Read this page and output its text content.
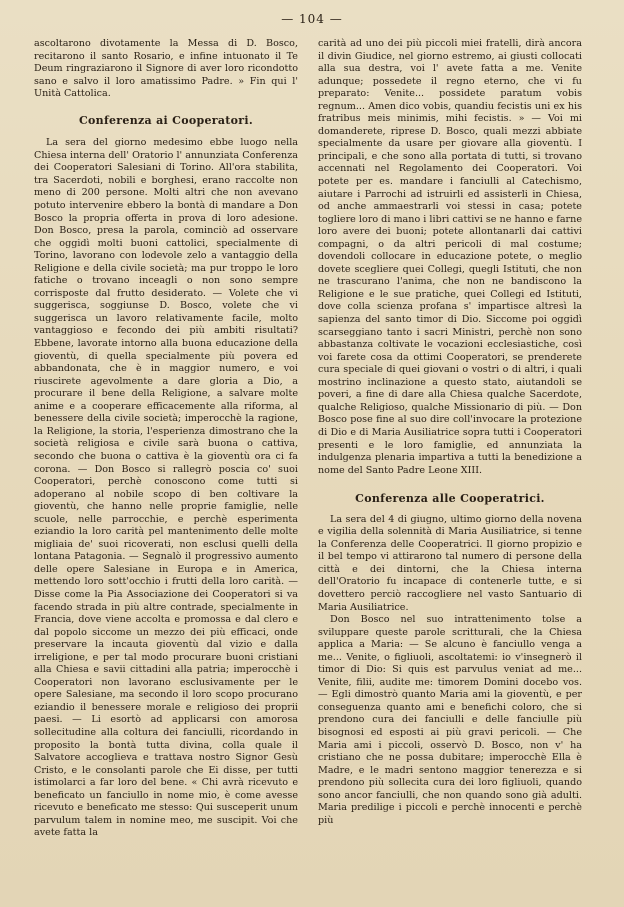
— 104 —

ascoltarono divotamente la Messa di D. Bosco, recitarono il santo Rosario, e infine intuonato il Te Deum ringraziarono il Signore di aver loro ricondotto sano e salvo il loro amatissimo Padre. » Fin qui l' Unità Cattolica.

Conferenza ai Cooperatori.

La sera del giorno medesimo ebbe luogo nella Chiesa interna dell' Oratorio l' annunziata Conferenza dei Cooperatori Salesiani di Torino. All'ora stabilita, tra Sacerdoti, nobili e borghesi, erano raccolte non meno di 200 persone. Molti altri che non avevano potuto intervenire ebbero la bontà di mandare a Don Bosco la propria offerta in prova di loro adesione. Don Bosco, presa la parola, cominciò ad osservare che oggidì molti buoni cattolici, specialmente di Torino, lavorano con lodevole zelo a vantaggio della Religione e della civile società; ma pur troppo le loro fatiche o trovano inceagli o non sono sempre corrisposte dal frutto desiderato. — Volete che vi suggerisca, soggiunse D. Bosco, volete che vi suggerisca un lavoro relativamente facile, molto vantaggioso e fecondo dei più ambiti risultati? Ebbene, lavorate intorno alla buona educazione della gioventù, di quella specialmente più povera ed abbandonata, che è in maggior numero, e voi riuscirete agevolmente a dare gloria a Dio, a procurare il bene della Religione, a salvare molte anime e a cooperare efficacemente alla riforma, al benessere della civile società; imperocchè la ragione, la Religione, la storia, l'esperienza dimostrano che la società religiosa e civile sarà buona o cattiva, secondo che buona o cattiva è la gioventù ora ci fa corona. — Don Bosco si rallegrò poscia co' suoi Cooperatori, perchè conoscono come tutti si adoperano al nobile scopo di ben coltivare la gioventù, che hanno nelle proprie famiglie, nelle scuole, nelle parrocchie, e perchè esperimenta eziandio la loro carità pel mantenimento delle molte migliaia de' suoi ricoverati, non esclusi quelli della lontana Patagonia. — Segnalò il progressivo aumento delle opere Salesiane in Europa e in America, mettendo loro sott'occhio i frutti della loro carità. — Disse come la Pia Associazione dei Cooperatori si va facendo strada in più altre contrade, specialmente in Francia, dove viene accolta e promossa e dal clero e dal popolo siccome un mezzo dei più efficaci, onde preservare la incauta gioventù dal vizio e dalla irreligione, e per tal modo procurare buoni cristiani alla Chiesa e savii cittadini alla patria; imperocchè i Cooperatori non lavorano esclusivamente per le opere Salesiane, ma secondo il loro scopo procurano eziandio il benessere morale e religioso dei proprii paesi. — Li esortò ad applicarsi con amorosa sollecitudine alla coltura dei fanciulli, ricordando in proposito la bontà tutta divina, colla quale il Salvatore accoglieva e trattava nostro Signor Gesù Cristo, e le consolanti parole che Ei disse, per tutti istimolarci a far loro del bene. « Chi avrà ricevuto e beneficato un fanciullo in nome mio, è come avesse ricevuto e beneficato me stesso: Qui susceperit unum parvulum talem in nomine meo, me suscipit. Voi che avete fatta la

carità ad uno dei più piccoli miei fratelli, dirà ancora il divin Giudice, nel giorno estremo, ai giusti collocati alla sua destra, voi l' avete fatta a me. Venite adunque; possedete il regno eterno, che vi fu preparato: Venite... possidete paratum vobis regnum... Amen dico vobis, quandiu fecistis uni ex his fratribus meis minimis, mihi fecistis. » — Voi mi domanderete, riprese D. Bosco, quali mezzi abbiate specialmente da usare per giovare alla gioventù. I principali, e che sono alla portata di tutti, si trovano accennati nel Regolamento dei Cooperatori. Voi potete per es. mandare i fanciulli al Catechismo, aiutare i Parrochi ad istruirli ed assisterli in Chiesa, od anche ammaestrarli voi stessi in casa; potete togliere loro di mano i libri cattivi se ne hanno e farne loro avere dei buoni; potete allontanarli dai cattivi compagni, o da altri pericoli di mal costume; dovendoli collocare in educazione potete, o meglio dovete scegliere quei Collegi, quegli Istituti, che non ne trascurano l'anima, che non ne bandiscono la Religione e le sue pratiche, quei Collegi ed Istituti, dove colla scienza profana s' impartisce altresì la sapienza del santo timor di Dio. Siccome poi oggidì scarseggiano tanto i sacri Ministri, perchè non sono abbastanza coltivate le vocazioni ecclesiastiche, così voi farete cosa da ottimi Cooperatori, se prenderete cura speciale di quei giovani o vostri o di altri, i quali mostrino inclinazione a questo stato, aiutandoli se poveri, a fine di dare alla Chiesa qualche Sacerdote, qualche Religioso, qualche Missionario di più. — Don Bosco pose fine al suo dire coll'invocare la protezione di Dio e di Maria Ausiliatrice sopra tutti i Cooperatori presenti e le loro famiglie, ed annunziata la indulgenza plenaria impartiva a tutti la benedizione a nome del Santo Padre Leone XIII.

Conferenza alle Cooperatrici.

La sera del 4 di giugno, ultimo giorno della novena e vigilia della solennità di Maria Ausiliatrice, si tenne la Conferenza delle Cooperatrici. Il giorno propizio e il bel tempo vi attirarono tal numero di persone della città e dei dintorni, che la Chiesa interna dell'Oratorio fu incapace di contenerle tutte, e si dovettero perciò raccogliere nel vasto Santuario di Maria Ausiliatrice.

Don Bosco nel suo intrattenimento tolse a sviluppare queste parole scritturali, che la Chiesa applica a Maria: — Se alcuno è fanciullo venga a me... Venite, o figliuoli, ascoltatemi: io v'insegnerò il timor di Dio: Si quis est parvulus veniat ad me... Venite, filii, audite me: timorem Domini docebo vos. — Egli dimostrò quanto Maria ami la gioventù, e per conseguenza quanto ami e benefichi coloro, che si prendono cura dei fanciulli e delle fanciulle più bisognosi ed esposti ai più gravi pericoli. — Che Maria ami i piccoli, osservò D. Bosco, non v' ha cristiano che ne possa dubitare; imperocchè Ella è Madre, e le madri sentono maggior tenerezza e si prendono più sollecita cura dei loro figliuoli, quando sono ancor fanciulli, che non quando sono già adulti. Maria predilige i piccoli e perchè innocenti e perchè più
